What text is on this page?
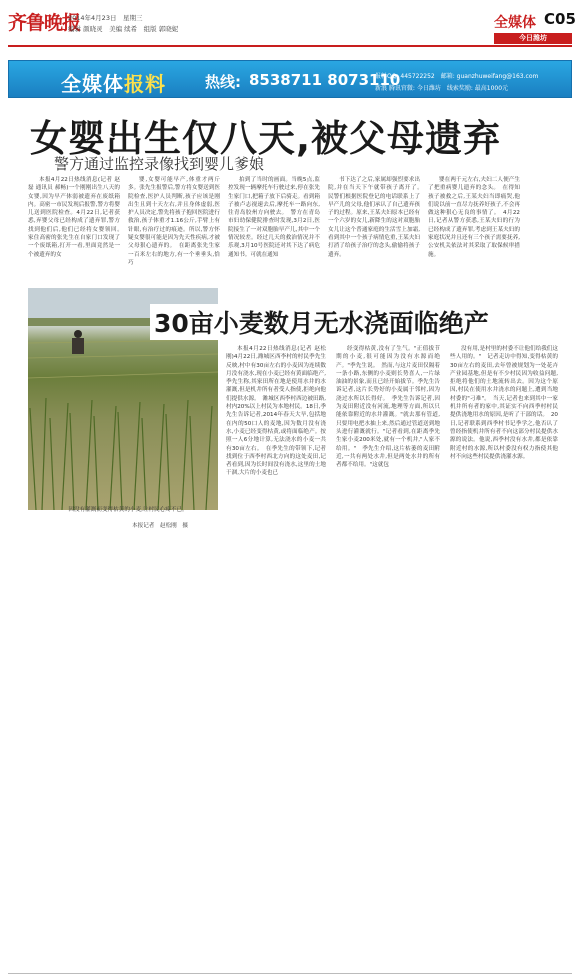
齐鲁晚报
2014年4月23日　星期三
编辑 颜晓灵　美编 续希　组版 郭晓妮	全媒体 C05
今日潍坊
全媒体报料	热线: 8538711 8073110
报料QQ: 445722252　邮箱: guanzhuweifang@163.com
新浪 腾讯官微: 今日潍坊　线索奖励: 最高1000元
女婴出生仅八天,被父母遗弃
警方通过监控录像找到婴儿爹娘

本报4月22日热线消息(记者 赵磊 通讯员 郝畅)一个刚刚出生八天的女婴,因为早产体弱被遗弃在废纸箱内。高密一市民发现后报警,警方将婴儿送到医院检查。4月22日,记者获悉,弃婴父母已经构成了遗弃罪,警方找到他们后,他们已经将女婴领回。　家住高密的张先生在自家门口发现了一个废纸箱,打开一看,里面竟然是一个被遗弃的女

婴,女婴可能早产,体重才两斤多。张先生报警后,警方将女婴送到医院检查,医护人员判断,孩子应该是刚出生且到十天左右,并且身体虚弱,医护人员决定,警先将孩子抱回医院进行救治,孩子体重才1.16公斤,手臂上有针眼,有治疗过的痕迹。所以,警方怀疑女婴很可能是因为先天性疾病,才被父母狠心遗弃的。　在距离张先生家一百米左右的地方,有一个垂垂头,恰巧

拍到了当时的画面。当晚5点,监控发现一辆摩托车行驶过来,停在张先生家门口,把箱子放下后骑走。看到箱子被卢志视速去后,摩托车一路向东,往青岛胶州方向驶去。　警方在青岛市妇幼保健院排查时发现,3月2日,医院接生了一对双胞胎早产儿,其中一个情况较差。经过几天的救治情况并不乐观,3月10号医院还对其下达了病危通知书。可就在通知

书下达了之后,家属却强烈要求出院,并在当天下午就带孩子离开了。　民警们根据医院登记的电话联系上了早产儿的父母,他们承认了自己遗弃孩子的过程。原来,王某夫妇原本已经有一个六岁的女儿,新降生的这对双胞胎女儿让这个普通家庭的生活雪上加霜,看到其中一个孩子病情危重,王某夫妇打消了给孩子治疗的念头,偷偷将孩子遗弃。

婴在两千元左右,夫妇二人便产生了把重病婴儿遗弃的念头。　在得知孩子被救之后,王某夫妇当即痛哭,他们说以前一直尽力抚养好孩子,不会再做这种狠心无良的事情了。　4月22日,记者从警方获悉,王某夫妇的行为已经构成了遗弃罪,考虑到王某夫妇的家庭状况并且还有三个孩子需要抚养,公安机关依法对其采取了取保候审措施。

因没有灌溉而变得枯黄的小麦,让村民心疼不已。
本报记者　赵松刚　摄
30亩小麦数月无水浇面临绝产

本报4月22日热线消息(记者 赵松刚)4月22日,潍城区西李村的村民季先生反映,村中有30亩左右的小麦因为连续数月没有浇水,现在小麦已经有黄面临绝产,季先生称,其家田所在地是使用水井的水灌溉,但是机井所有者受人指使,拒绝向他们提供水源。　潍城区西李村西边被田路,村内20%以上村民为本地村民。18日,季先生告诉记者,2014年春天大旱,包括地在内的50口人的麦地,因为数月没有浇水,小麦已经变得枯黄,或将面临绝产。按照一人6分地计算,无法浇水的小麦一共有30亩左右。　在季先生的带领下,记者找到位于西李村西北方向的这处麦田,记者看到,因为长时间没有浇水,这里的土地干涸,大片的小麦也已

经变得枯黄,没有了生气。"正值拔节期的小麦,很可能因为没有水源而绝产。"季先生说。　然而,与这片麦田仅隔着一条小路,东侧的小麦则长势喜人,一片绿油油的景象,而且已经开始拔节。季先生告诉记者,这片长势好的小麦属于邻村,因为浇过水所以长得好。　季先生告诉记者,因为麦田附近没有河流,地理等方面,所以只能依靠附近的水井灌溉。"就去那有管道,只要用电把水抽上来,然后通过管道送到地头进行灌溉就行。"记者看到,在距离季先生家小麦200米处,就有一个机井,"人家不给用。"　季先生介绍,这片枯萎的麦田附近,一共有两处水井,但是两处水井的所有者都不给用。"这就包

没有用,是村里的村委不让他们给我们这些人用的。"　记者走访中得知,变得枯黄的30亩左右的麦田,去年曾被规划为一处花卉产业园基地,但是有不少村民因为收益问题,拒绝将他们的土地流转出去。因为这个原因,村民在使用水井浇水的问题上,遭到当地村委的"刁难"。　当天,记者也来到其中一家机井所有者的家中,其证实不向西季村村民提供浇地用水的原因,是听了干部的话。　20日,记者联系到西季村书记季学之,他否认了曾经指使机井所有者不向这部分村民提供水源的说法。他说,西季村没有水井,都是依靠附近村的水源,所以村委没有权力指使其他村不向这些村民提供浇灌水源。
